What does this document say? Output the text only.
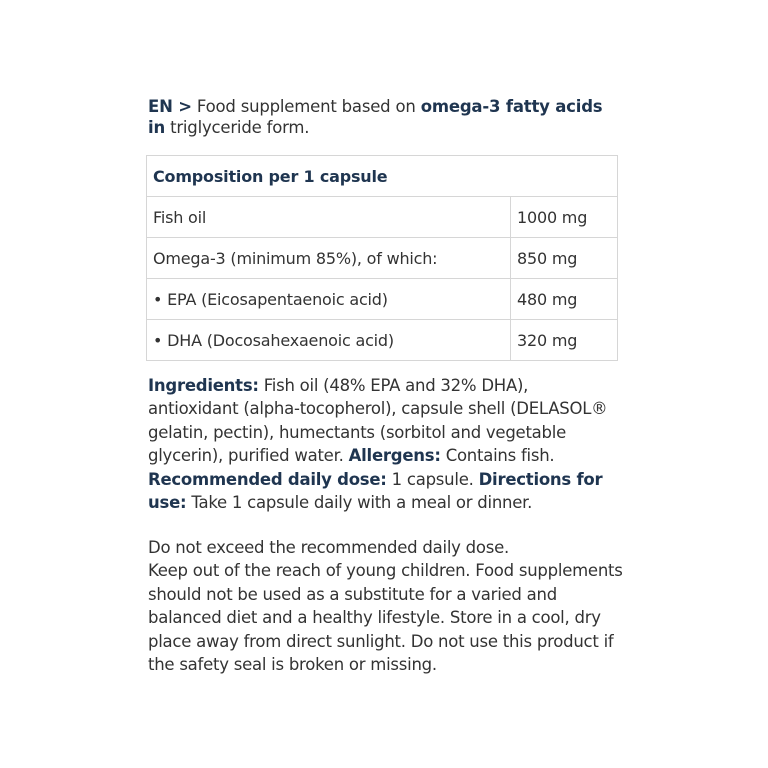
EN > Food supplement based on omega-3 fatty acids in triglyceride form.
Composition per 1 capsule	
Fish oil	1000 mg
Omega-3 (minimum 85%), of which:	850 mg
• EPA (Eicosapentaenoic acid)	480 mg
• DHA (Docosahexaenoic acid)	320 mg
Ingredients: Fish oil (48% EPA and 32% DHA), antioxidant (alpha-tocopherol), capsule shell (DELASOL® gelatin, pectin), humectants (sorbitol and vegetable glycerin), purified water. Allergens: Contains fish. Recommended daily dose: 1 capsule. Directions for use: Take 1 capsule daily with a meal or dinner.

Do not exceed the recommended daily dose.

Keep out of the reach of young children. Food supplements should not be used as a substitute for a varied and balanced diet and a healthy lifestyle. Store in a cool, dry place away from direct sunlight. Do not use this product if the safety seal is broken or missing.
